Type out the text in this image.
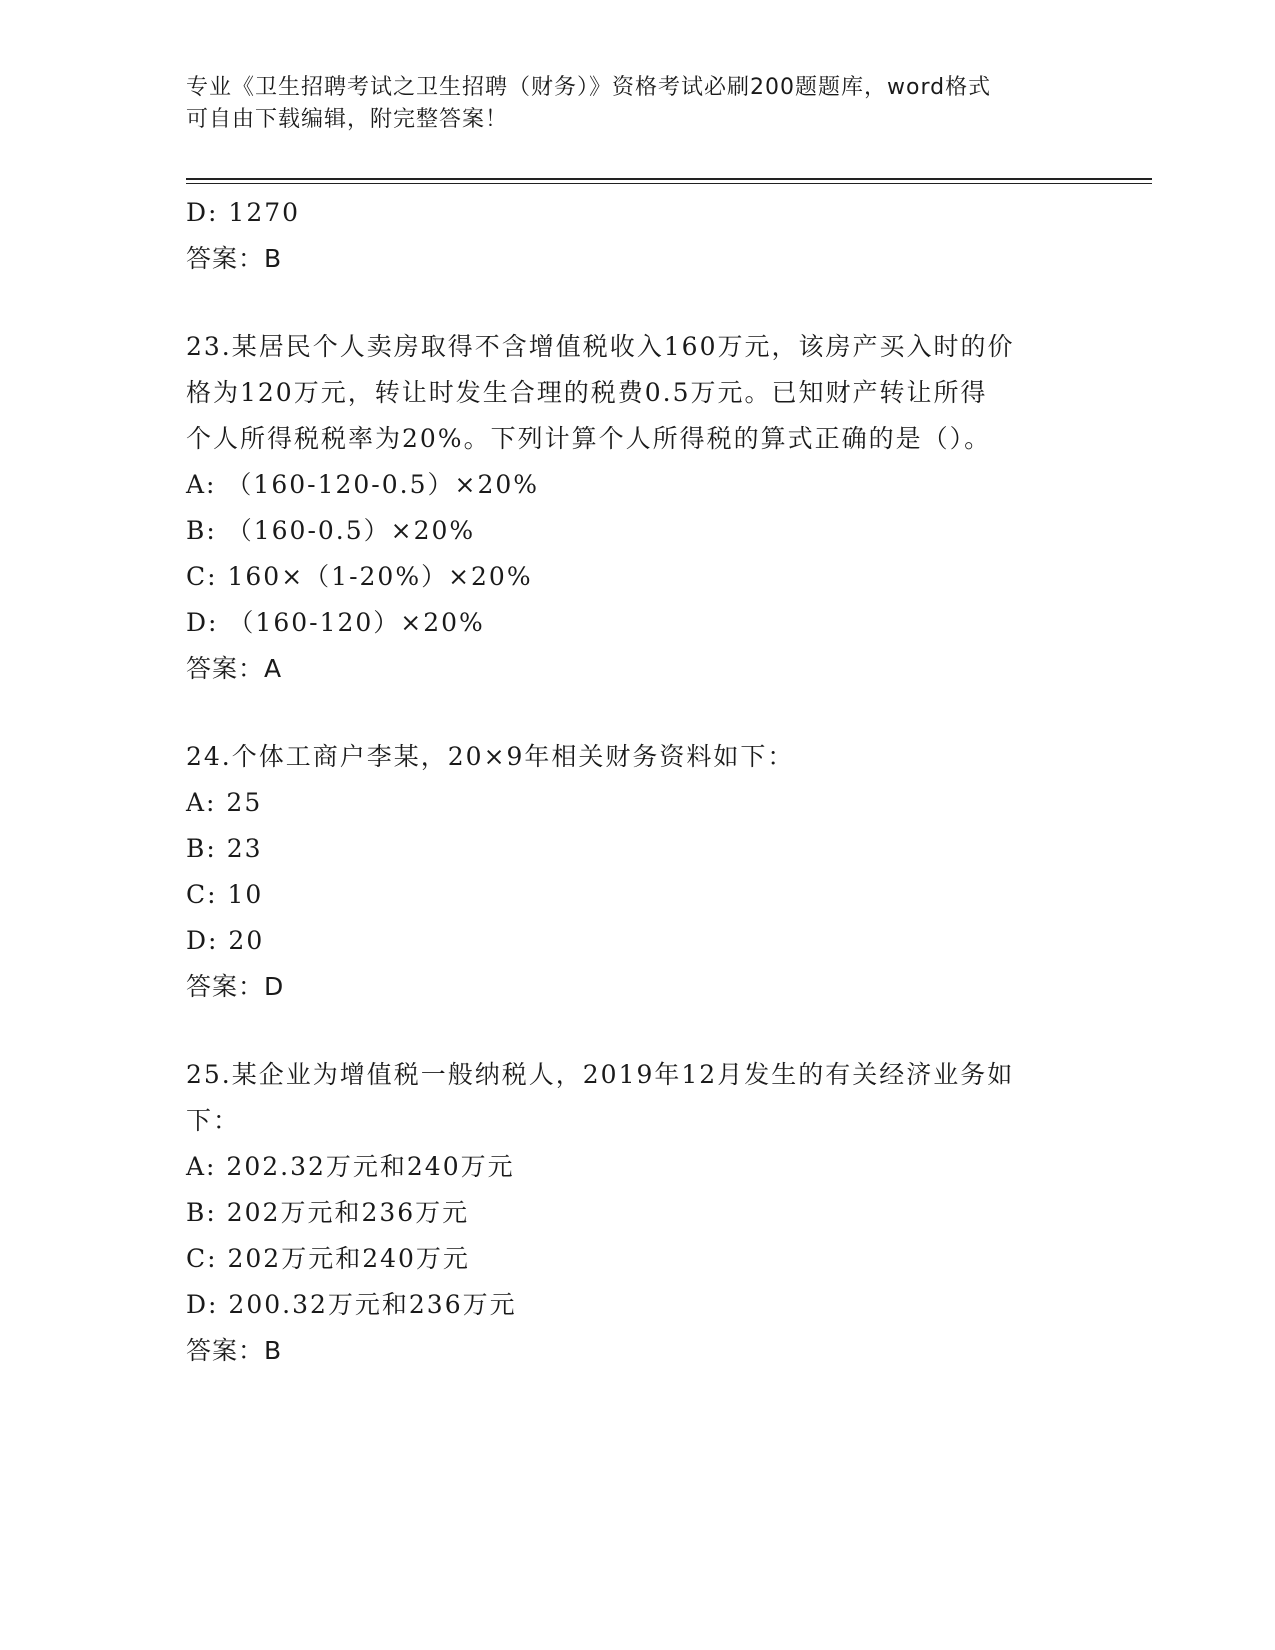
专业《卫生招聘考试之卫生招聘（财务）》资格考试必刷200题题库，word格式
可自由下载编辑，附完整答案！
D: 1270
答案：B
23.某居民个人卖房取得不含增值税收入160万元，该房产买入时的价
格为120万元，转让时发生合理的税费0.5万元。已知财产转让所得
个人所得税税率为20%。下列计算个人所得税的算式正确的是（）。
A: （160-120-0.5）×20%
B: （160-0.5）×20%
C: 160×（1-20%）×20%
D: （160-120）×20%
答案：A
24.个体工商户李某，20×9年相关财务资料如下：
A: 25
B: 23
C: 10
D: 20
答案：D
25.某企业为增值税一般纳税人，2019年12月发生的有关经济业务如
下：
A: 202.32万元和240万元
B: 202万元和236万元
C: 202万元和240万元
D: 200.32万元和236万元
答案：B
